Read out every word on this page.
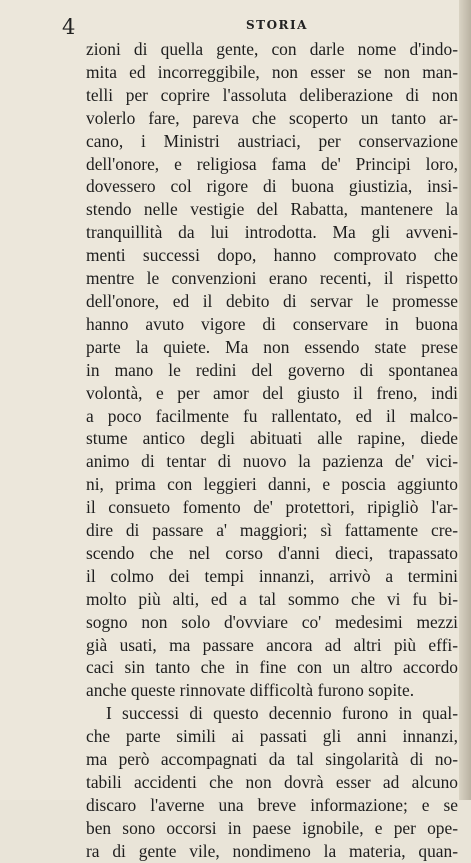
4	STORIA
zioni di quella gente, con darle nome d'indo-
mita ed incorreggibile, non esser se non man-
telli per coprire l'assoluta deliberazione di non
volerlo fare, pareva che scoperto un tanto ar-
cano, i Ministri austriaci, per conservazione
dell'onore, e religiosa fama de' Principi loro,
dovessero col rigore di buona giustizia, insi-
stendo nelle vestigie del Rabatta, mantenere la
tranquillità da lui introdotta. Ma gli avveni-
menti successi dopo, hanno comprovato che
mentre le convenzioni erano recenti, il rispetto
dell'onore, ed il debito di servar le promesse
hanno avuto vigore di conservare in buona
parte la quiete. Ma non essendo state prese
in mano le redini del governo di spontanea
volontà, e per amor del giusto il freno, indi
a poco facilmente fu rallentato, ed il malco-
stume antico degli abituati alle rapine, diede
animo di tentar di nuovo la pazienza de' vici-
ni, prima con leggieri danni, e poscia aggiunto
il consueto fomento de' protettori, ripigliò l'ar-
dire di passare a' maggiori; sì fattamente cre-
scendo che nel corso d'anni dieci, trapassato
il colmo dei tempi innanzi, arrivò a termini
molto più alti, ed a tal sommo che vi fu bi-
sogno non solo d'ovviare co' medesimi mezzi
già usati, ma passare ancora ad altri più effi-
caci sin tanto che in fine con un altro accordo
anche queste rinnovate difficoltà furono sopite.
I successi di questo decennio furono in qual-
che parte simili ai passati gli anni innanzi,
ma però accompagnati da tal singolarità di no-
tabili accidenti che non dovrà esser ad alcuno
discaro l'averne una breve informazione; e se
ben sono occorsi in paese ignobile, e per ope-
ra di gente vile, nondimeno la materia, quan-
